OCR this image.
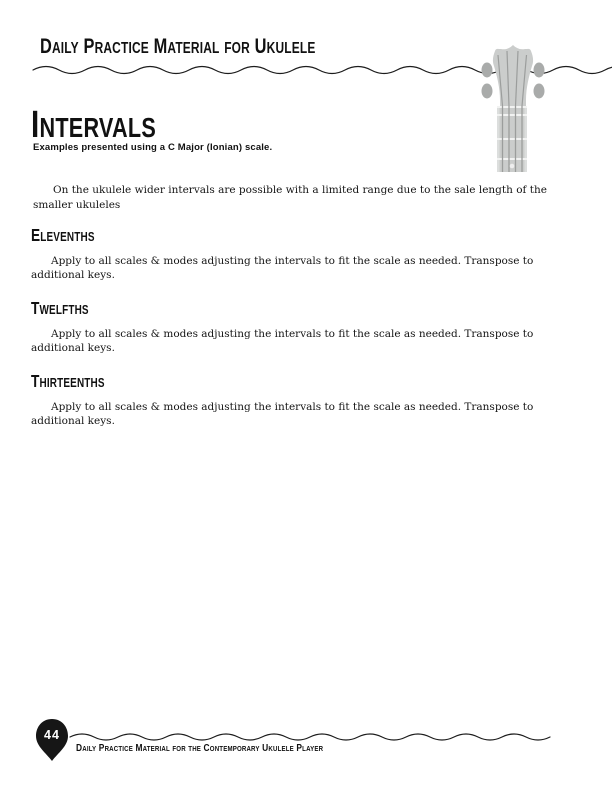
DAILY PRACTICE MATERIAL FOR UKULELE
INTERVALS

Examples presented using a C Major (Ionian) scale.

On the ukulele wider intervals are possible with a limited range due to the sale length of the smaller ukuleles

ELEVENTHS

Apply to all scales & modes adjusting the intervals to fit the scale as needed. Transpose to additional keys.

TWELFTHS

Apply to all scales & modes adjusting the intervals to fit the scale as needed. Transpose to additional keys.

THIRTEENTHS

Apply to all scales & modes adjusting the intervals to fit the scale as needed. Transpose to additional keys.

44

DAILY PRACTICE MATERIAL FOR THE CONTEMPORARY UKULELE PLAYER
